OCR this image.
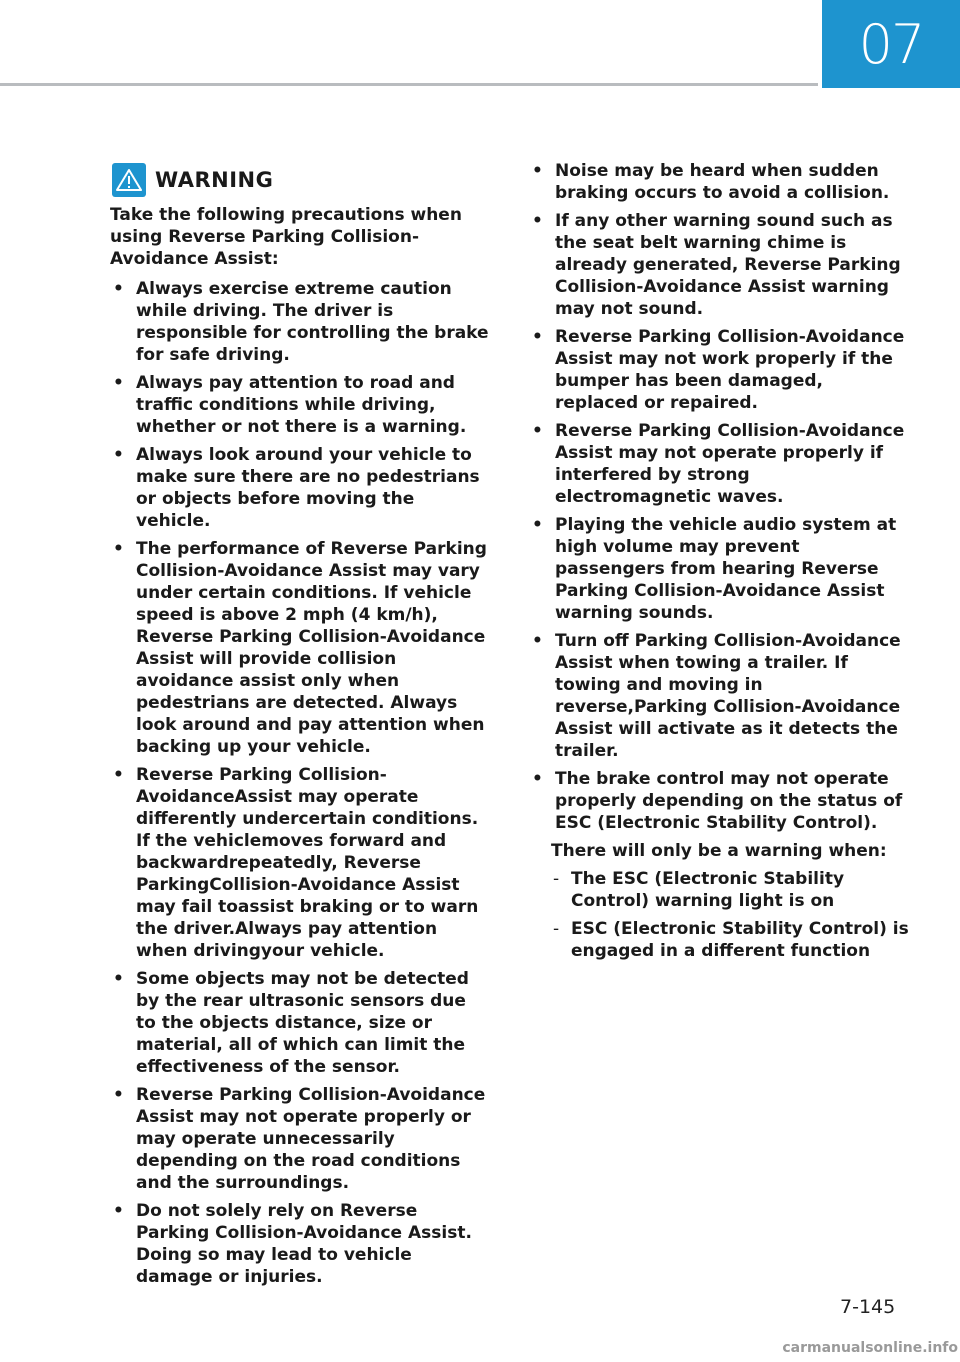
07
WARNING

Take the following precautions when using Reverse Parking Collision-Avoidance Assist:

• Always exercise extreme caution while driving. The driver is responsible for controlling the brake for safe driving.
• Always pay attention to road and traffic conditions while driving, whether or not there is a warning.
• Always look around your vehicle to make sure there are no pedestrians or objects before moving the vehicle.
• The performance of Reverse Parking Collision-Avoidance Assist may vary under certain conditions. If vehicle speed is above 2 mph (4 km/h), Reverse Parking Collision-Avoidance Assist will provide collision avoidance assist only when pedestrians are detected. Always look around and pay attention when backing up your vehicle.
• Reverse Parking Collision-AvoidanceAssist may operate differently undercertain conditions. If the vehiclemoves forward and backwardrepeatedly, Reverse ParkingCollision-Avoidance Assist may fail toassist braking or to warn the driver.Always pay attention when drivingyour vehicle.
• Some objects may not be detected by the rear ultrasonic sensors due to the objects distance, size or material, all of which can limit the effectiveness of the sensor.
• Reverse Parking Collision-Avoidance Assist may not operate properly or may operate unnecessarily depending on the road conditions and the surroundings.
• Do not solely rely on Reverse Parking Collision-Avoidance Assist. Doing so may lead to vehicle damage or injuries.
• Noise may be heard when sudden braking occurs to avoid a collision.
• If any other warning sound such as the seat belt warning chime is already generated, Reverse Parking Collision-Avoidance Assist warning may not sound.
• Reverse Parking Collision-Avoidance Assist may not work properly if the bumper has been damaged, replaced or repaired.
• Reverse Parking Collision-Avoidance Assist may not operate properly if interfered by strong electromagnetic waves.
• Playing the vehicle audio system at high volume may prevent passengers from hearing Reverse Parking Collision-Avoidance Assist warning sounds.
• Turn off Parking Collision-Avoidance Assist when towing a trailer. If towing and moving in reverse,Parking Collision-Avoidance Assist will activate as it detects the trailer.
• The brake control may not operate properly depending on the status of ESC (Electronic Stability Control).

There will only be a warning when:

- The ESC (Electronic Stability Control) warning light is on
- ESC (Electronic Stability Control) is engaged in a different function
7-145
carmanualsonline.info
